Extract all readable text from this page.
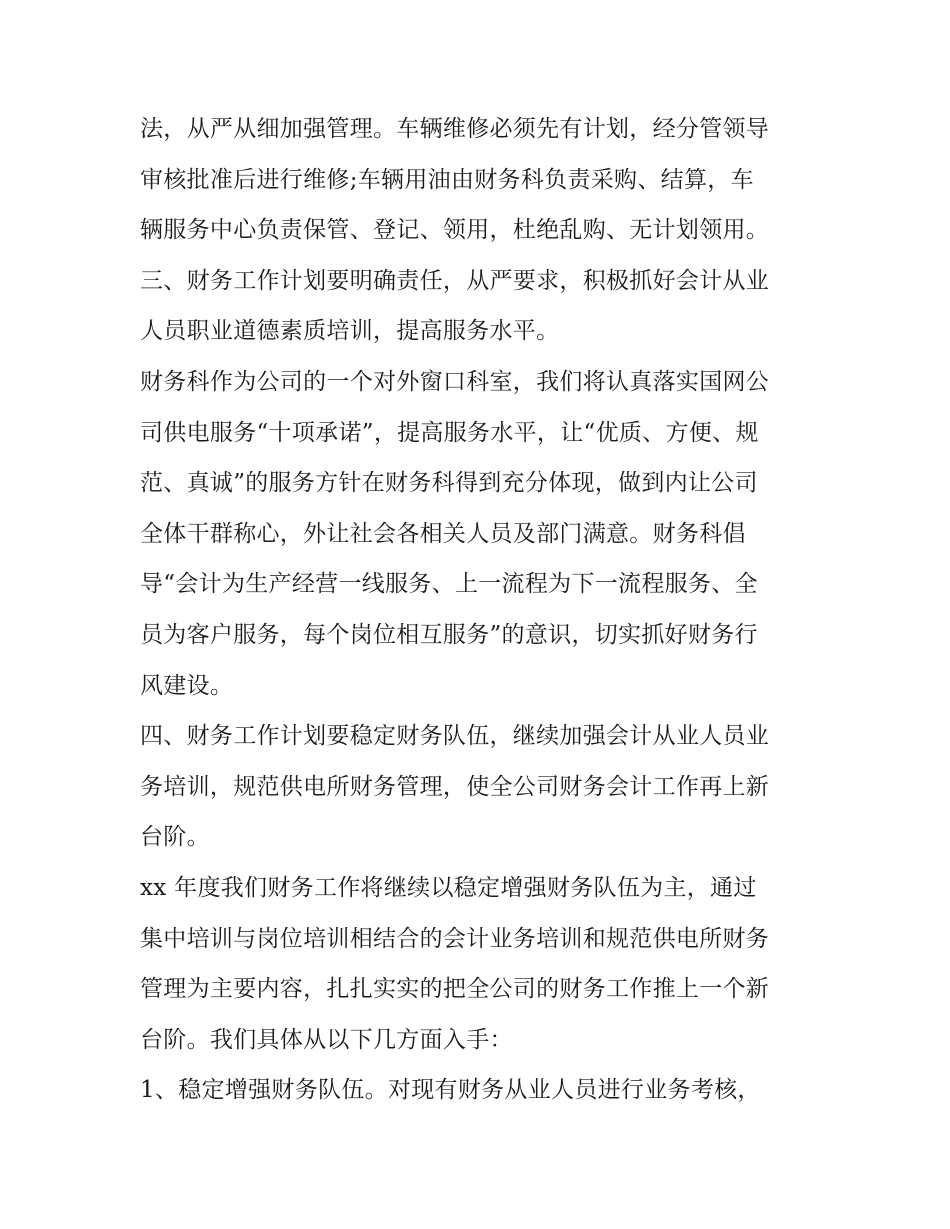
法，从严从细加强管理。车辆维修必须先有计划，经分管领导
审核批准后进行维修;车辆用油由财务科负责采购、结算，车
辆服务中心负责保管、登记、领用，杜绝乱购、无计划领用。
三、财务工作计划要明确责任，从严要求，积极抓好会计从业
人员职业道德素质培训，提高服务水平。
财务科作为公司的一个对外窗口科室，我们将认真落实国网公
司供电服务“十项承诺”，提高服务水平，让“优质、方便、规
范、真诚”的服务方针在财务科得到充分体现，做到内让公司
全体干群称心，外让社会各相关人员及部门满意。财务科倡
导“会计为生产经营一线服务、上一流程为下一流程服务、全
员为客户服务，每个岗位相互服务”的意识，切实抓好财务行
风建设。
四、财务工作计划要稳定财务队伍，继续加强会计从业人员业
务培训，规范供电所财务管理，使全公司财务会计工作再上新
台阶。
xx 年度我们财务工作将继续以稳定增强财务队伍为主，通过
集中培训与岗位培训相结合的会计业务培训和规范供电所财务
管理为主要内容，扎扎实实的把全公司的财务工作推上一个新
台阶。我们具体从以下几方面入手：
1、稳定增强财务队伍。对现有财务从业人员进行业务考核，
